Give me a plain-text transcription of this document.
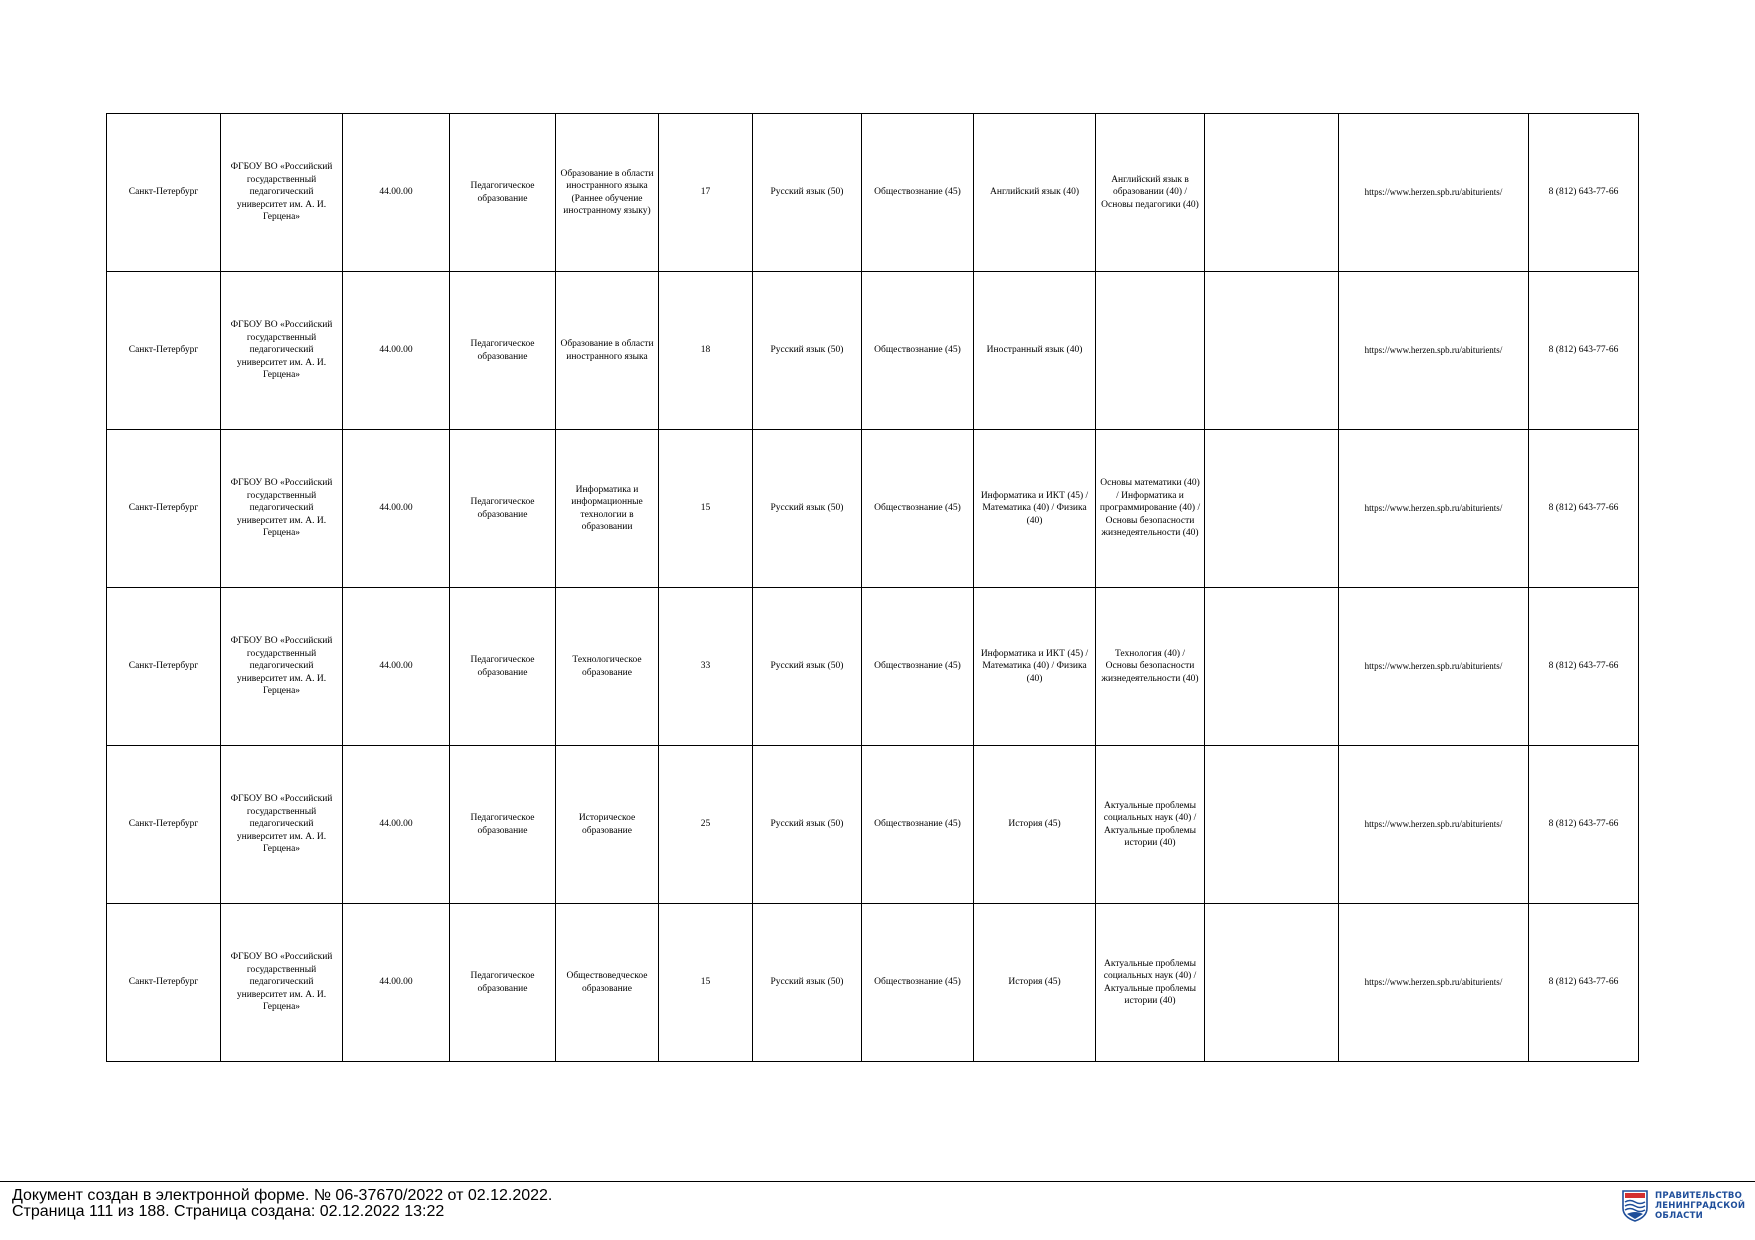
Санкт-Петербург	ФГБОУ ВО «Российский государственный педагогический университет им. А. И. Герцена»	44.00.00	Педагогическое образование	Образование в области иностранного языка (Раннее обучение иностранному языку)	17	Русский язык (50)	Обществознание (45)	Английский язык (40)	Английский язык в образовании (40) / Основы педагогики (40)		https://www.herzen.spb.ru/abiturients/	8 (812) 643-77-66
Санкт-Петербург	ФГБОУ ВО «Российский государственный педагогический университет им. А. И. Герцена»	44.00.00	Педагогическое образование	Образование в области иностранного языка	18	Русский язык (50)	Обществознание (45)	Иностранный язык (40)			https://www.herzen.spb.ru/abiturients/	8 (812) 643-77-66
Санкт-Петербург	ФГБОУ ВО «Российский государственный педагогический университет им. А. И. Герцена»	44.00.00	Педагогическое образование	Информатика и информационные технологии в образовании	15	Русский язык (50)	Обществознание (45)	Информатика и ИКТ (45) / Математика (40) / Физика (40)	Основы математики (40) / Информатика и программирование (40) / Основы безопасности жизнедеятельности (40)		https://www.herzen.spb.ru/abiturients/	8 (812) 643-77-66
Санкт-Петербург	ФГБОУ ВО «Российский государственный педагогический университет им. А. И. Герцена»	44.00.00	Педагогическое образование	Технологическое образование	33	Русский язык (50)	Обществознание (45)	Информатика и ИКТ (45) / Математика (40) / Физика (40)	Технология (40) / Основы безопасности жизнедеятельности (40)		https://www.herzen.spb.ru/abiturients/	8 (812) 643-77-66
Санкт-Петербург	ФГБОУ ВО «Российский государственный педагогический университет им. А. И. Герцена»	44.00.00	Педагогическое образование	Историческое образование	25	Русский язык (50)	Обществознание (45)	История (45)	Актуальные проблемы социальных наук (40) / Актуальные проблемы истории (40)		https://www.herzen.spb.ru/abiturients/	8 (812) 643-77-66
Санкт-Петербург	ФГБОУ ВО «Российский государственный педагогический университет им. А. И. Герцена»	44.00.00	Педагогическое образование	Обществоведческое образование	15	Русский язык (50)	Обществознание (45)	История (45)	Актуальные проблемы социальных наук (40) / Актуальные проблемы истории (40)		https://www.herzen.spb.ru/abiturients/	8 (812) 643-77-66
Документ создан в электронной форме. № 06-37670/2022 от 02.12.2022.
Страница 111 из 188. Страница создана: 02.12.2022 13:22
ПРАВИТЕЛЬСТВО
ЛЕНИНГРАДСКОЙ
ОБЛАСТИ
